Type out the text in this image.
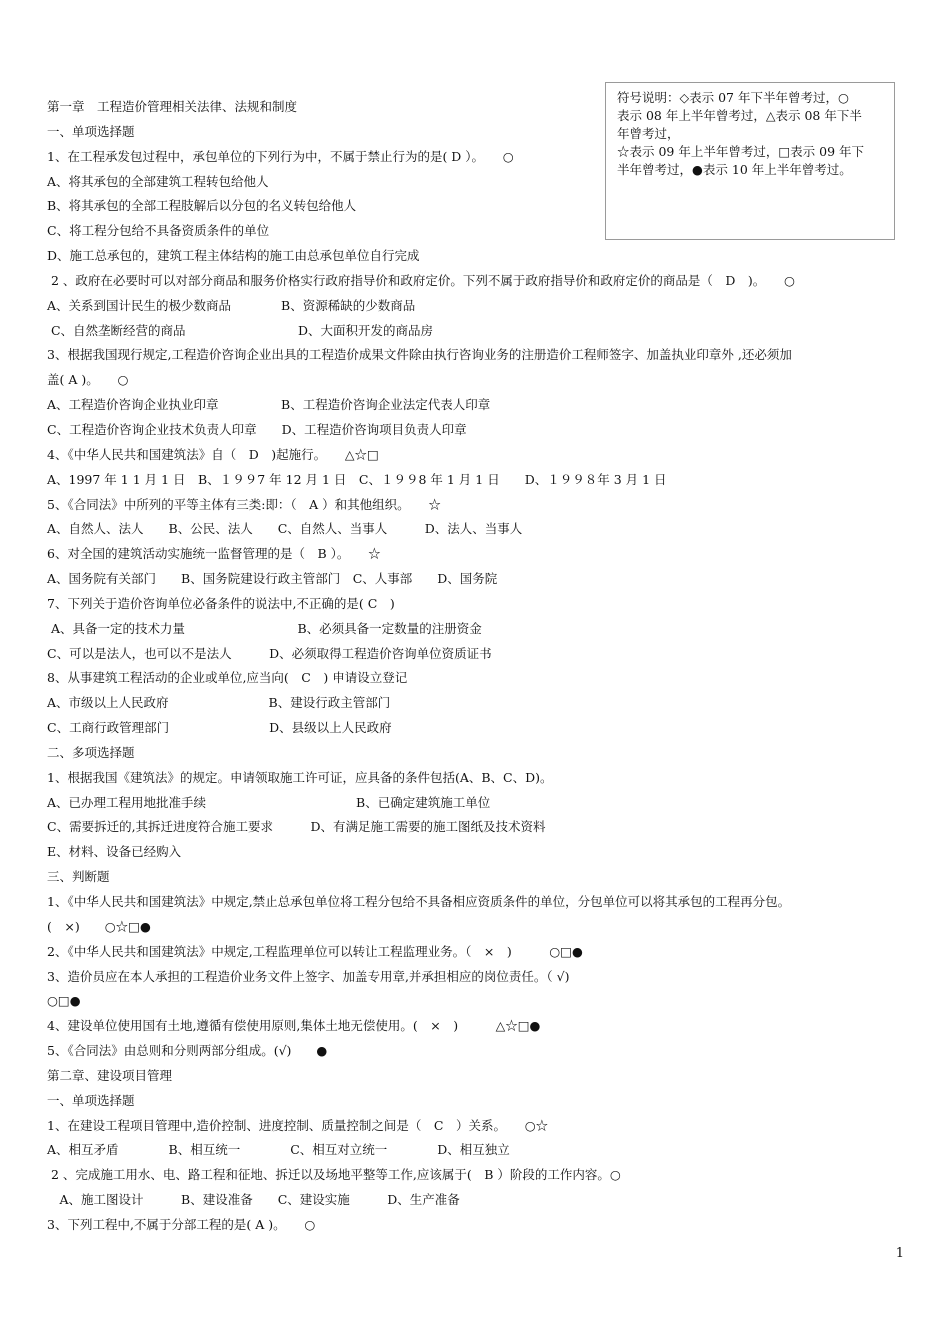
符号说明：◇表示 07 年下半年曾考过，○
表示 08 年上半年曾考过，△表示 08 年下半
年曾考过，
☆表示 09 年上半年曾考过，□表示 09 年下
半年曾考过，●表示 10 年上半年曾考过。
第一章　工程造价管理相关法律、法规和制度
一、单项选择题
1、在工程承发包过程中，承包单位的下列行为中，不属于禁止行为的是( D ）。　　○
A、将其承包的全部建筑工程转包给他人
B、将其承包的全部工程肢解后以分包的名义转包给他人
C、将工程分包给不具备资质条件的单位
D、施工总承包的，建筑工程主体结构的施工由总承包单位自行完成
2 、政府在必要时可以对部分商品和服务价格实行政府指导价和政府定价。下列不属于政府指导价和政府定价的商品是（　D　)。　　○
A、关系到国计民生的极少数商品　　　　B、资源稀缺的少数商品
C、自然垄断经营的商品　　　　　　　　　D、大面积开发的商品房
3、根据我国现行规定,工程造价咨询企业出具的工程造价成果文件除由执行咨询业务的注册造价工程师签字、加盖执业印章外 ,还必须加
盖( A )。　　○
A、工程造价咨询企业执业印章　　　　　B、工程造价咨询企业法定代表人印章
C、工程造价咨询企业技术负责人印章　　D、工程造价咨询项目负责人印章
4、《中华人民共和国建筑法》自（　D　)起施行。　　△☆□
A、1997 年 1 1 月 1 日　B、１９９7 年 12 月 1 日　C、１９９8 年 1 月 1 日　　D、１９９８年 3 月 1 日
5、《合同法》中所列的平等主体有三类:即：（　A ）和其他组织。　　☆
A、自然人、法人　　B、公民、法人　　C、自然人、当事人　　　D、法人、当事人
6、对全国的建筑活动实施统一监督管理的是（　B ）。　　☆
A、国务院有关部门　　B、国务院建设行政主管部门　C、人事部　　D、国务院
7、下列关于造价咨询单位必备条件的说法中,不正确的是( C　)
A、具备一定的技术力量　　　　　　　　　B、必须具备一定数量的注册资金
C、可以是法人，也可以不是法人　　　D、必须取得工程造价咨询单位资质证书
8、从事建筑工程活动的企业或单位,应当向(　C　) 申请设立登记
A、市级以上人民政府　　　　　　　　B、建设行政主管部门
C、工商行政管理部门　　　　　　　　D、县级以上人民政府
二、多项选择题
1、根据我国《建筑法》的规定。申请领取施工许可证，应具备的条件包括(A、B、C、D)。
A、已办理工程用地批准手续　　　　　　　　　　　　B、已确定建筑施工单位
C、需要拆迁的,其拆迁进度符合施工要求　　　D、有满足施工需要的施工图纸及技术资料
E、材料、设备已经购入
三、判断题
1、《中华人民共和国建筑法》中规定,禁止总承包单位将工程分包给不具备相应资质条件的单位，分包单位可以将其承包的工程再分包。
(　×)　　○☆□●
2、《中华人民共和国建筑法》中规定,工程监理单位可以转让工程监理业务。（　×　)　　　○□●
3、造价员应在本人承担的工程造价业务文件上签字、加盖专用章,并承担相应的岗位责任。（ √)
○□●
4、建设单位使用国有土地,遵循有偿使用原则,集体土地无偿使用。(　×　)　　　△☆□●
5、《合同法》由总则和分则两部分组成。(√)　　●
第二章、建设项目管理
一、单项选择题
1、在建设工程项目管理中,造价控制、进度控制、质量控制之间是（　C　）关系。　　○☆
A、相互矛盾　　　　B、相互统一　　　　C、相互对立统一　　　　D、相互独立
2 、完成施工用水、电、路工程和征地、拆迁以及场地平整等工作,应该属于(　B ）阶段的工作内容。○
　A、施工图设计　　　B、建设准备　　C、建设实施　　　D、生产准备
3、下列工程中,不属于分部工程的是( A )。　　○
1
